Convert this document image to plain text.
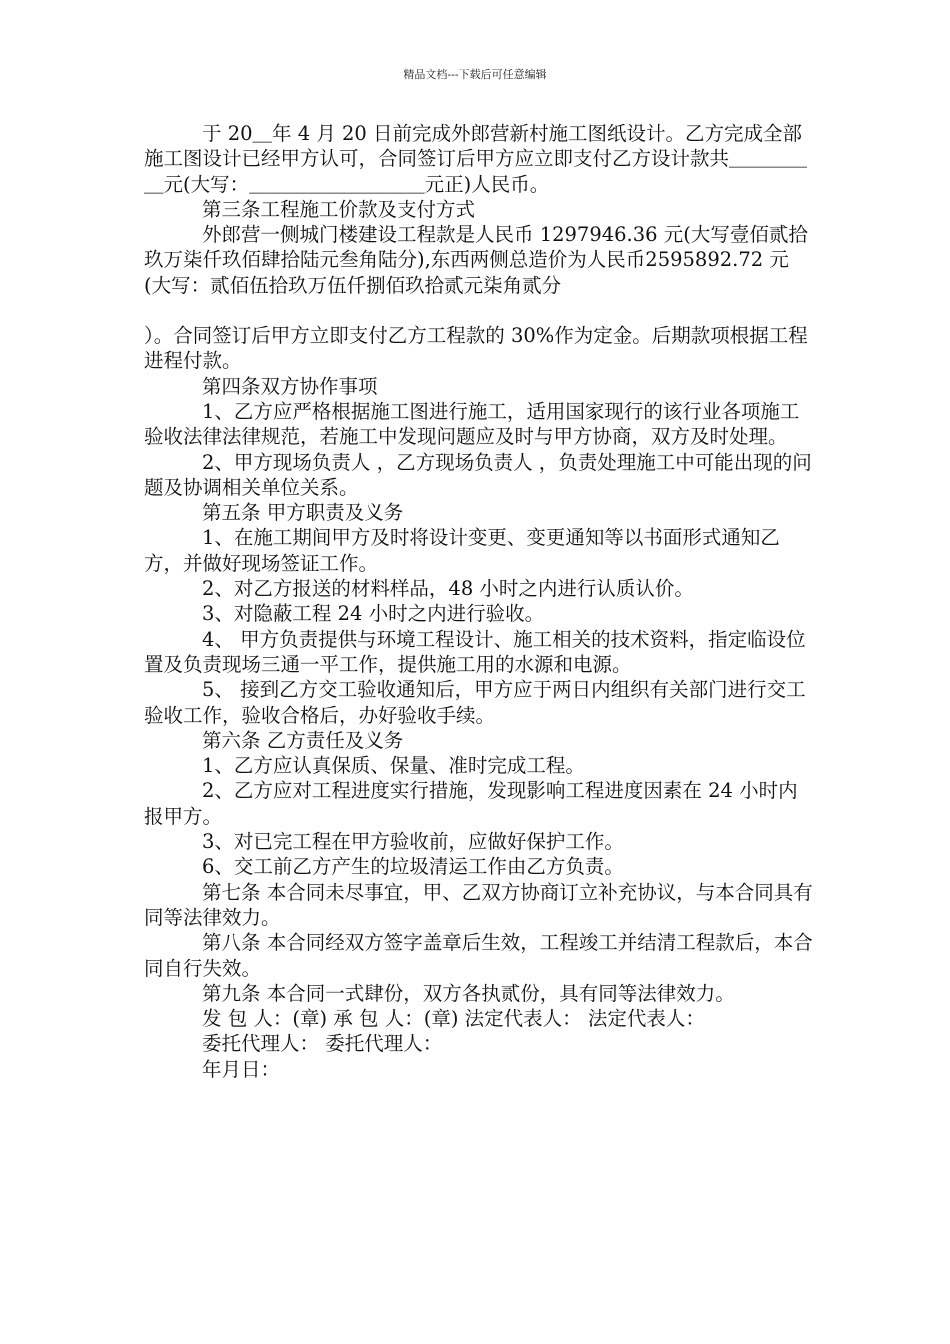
精品文档---下载后可任意编辑

于 20＿年 4 月 20 日前完成外郎营新村施工图纸设计。乙方完成全部施工图设计已经甲方认可，合同签订后甲方应立即支付乙方设计款共＿＿＿＿＿元(大写：＿＿＿＿＿＿＿＿＿元正)人民币。

第三条工程施工价款及支付方式

外郎营一侧城门楼建设工程款是人民币 1297946.36 元(大写壹佰贰拾玖万柒仟玖佰肆拾陆元叁角陆分),东西两侧总造价为人民币2595892.72 元(大写：贰佰伍拾玖万伍仟捌佰玖拾贰元柒角贰分

）。合同签订后甲方立即支付乙方工程款的 30%作为定金。后期款项根据工程进程付款。

第四条双方协作事项

1、乙方应严格根据施工图进行施工，适用国家现行的该行业各项施工验收法律法律规范，若施工中发现问题应及时与甲方协商，双方及时处理。

2、甲方现场负责人 ，乙方现场负责人 ，负责处理施工中可能出现的问题及协调相关单位关系。

第五条 甲方职责及义务

1、在施工期间甲方及时将设计变更、变更通知等以书面形式通知乙方，并做好现场签证工作。

2、对乙方报送的材料样品，48 小时之内进行认质认价。

3、对隐蔽工程 24 小时之内进行验收。

4、 甲方负责提供与环境工程设计、施工相关的技术资料，指定临设位置及负责现场三通一平工作，提供施工用的水源和电源。

5、 接到乙方交工验收通知后，甲方应于两日内组织有关部门进行交工验收工作，验收合格后，办好验收手续。

第六条 乙方责任及义务

1、乙方应认真保质、保量、准时完成工程。

2、乙方应对工程进度实行措施，发现影响工程进度因素在 24 小时内报甲方。

3、对已完工程在甲方验收前，应做好保护工作。

6、交工前乙方产生的垃圾清运工作由乙方负责。

第七条 本合同未尽事宜，甲、乙双方协商订立补充协议，与本合同具有同等法律效力。

第八条 本合同经双方签字盖章后生效，工程竣工并结清工程款后，本合同自行失效。

第九条 本合同一式肆份，双方各执贰份，具有同等法律效力。

发 包 人：(章) 承 包 人：(章) 法定代表人： 法定代表人：

委托代理人： 委托代理人：

年月日：
